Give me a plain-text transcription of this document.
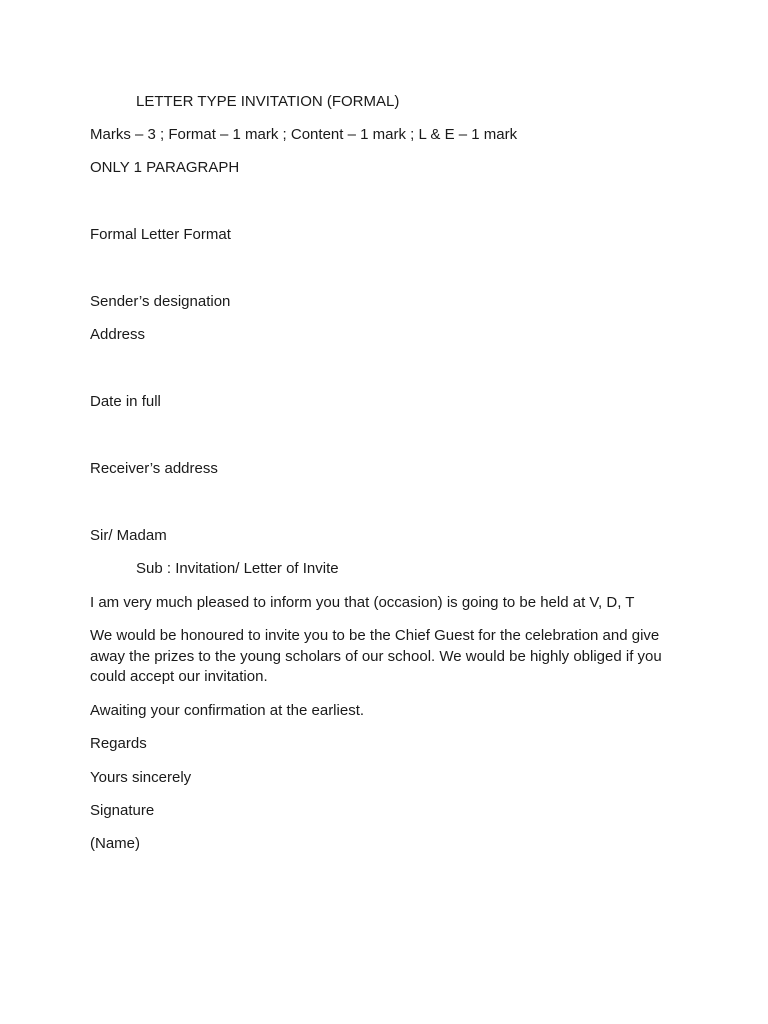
LETTER TYPE INVITATION (FORMAL)
Marks – 3 ; Format – 1 mark ; Content – 1 mark ; L & E – 1 mark
ONLY 1 PARAGRAPH
Formal Letter Format
Sender’s designation
Address
Date in full
Receiver’s address
Sir/ Madam
Sub : Invitation/ Letter of Invite
I am very much pleased to inform you that (occasion) is going to be held at V, D, T
We would be honoured to invite you to be the Chief Guest for the celebration and give away the prizes to the young scholars of our school. We would be highly obliged if you could accept our invitation.
Awaiting your confirmation at the earliest.
Regards
Yours sincerely
Signature
(Name)
